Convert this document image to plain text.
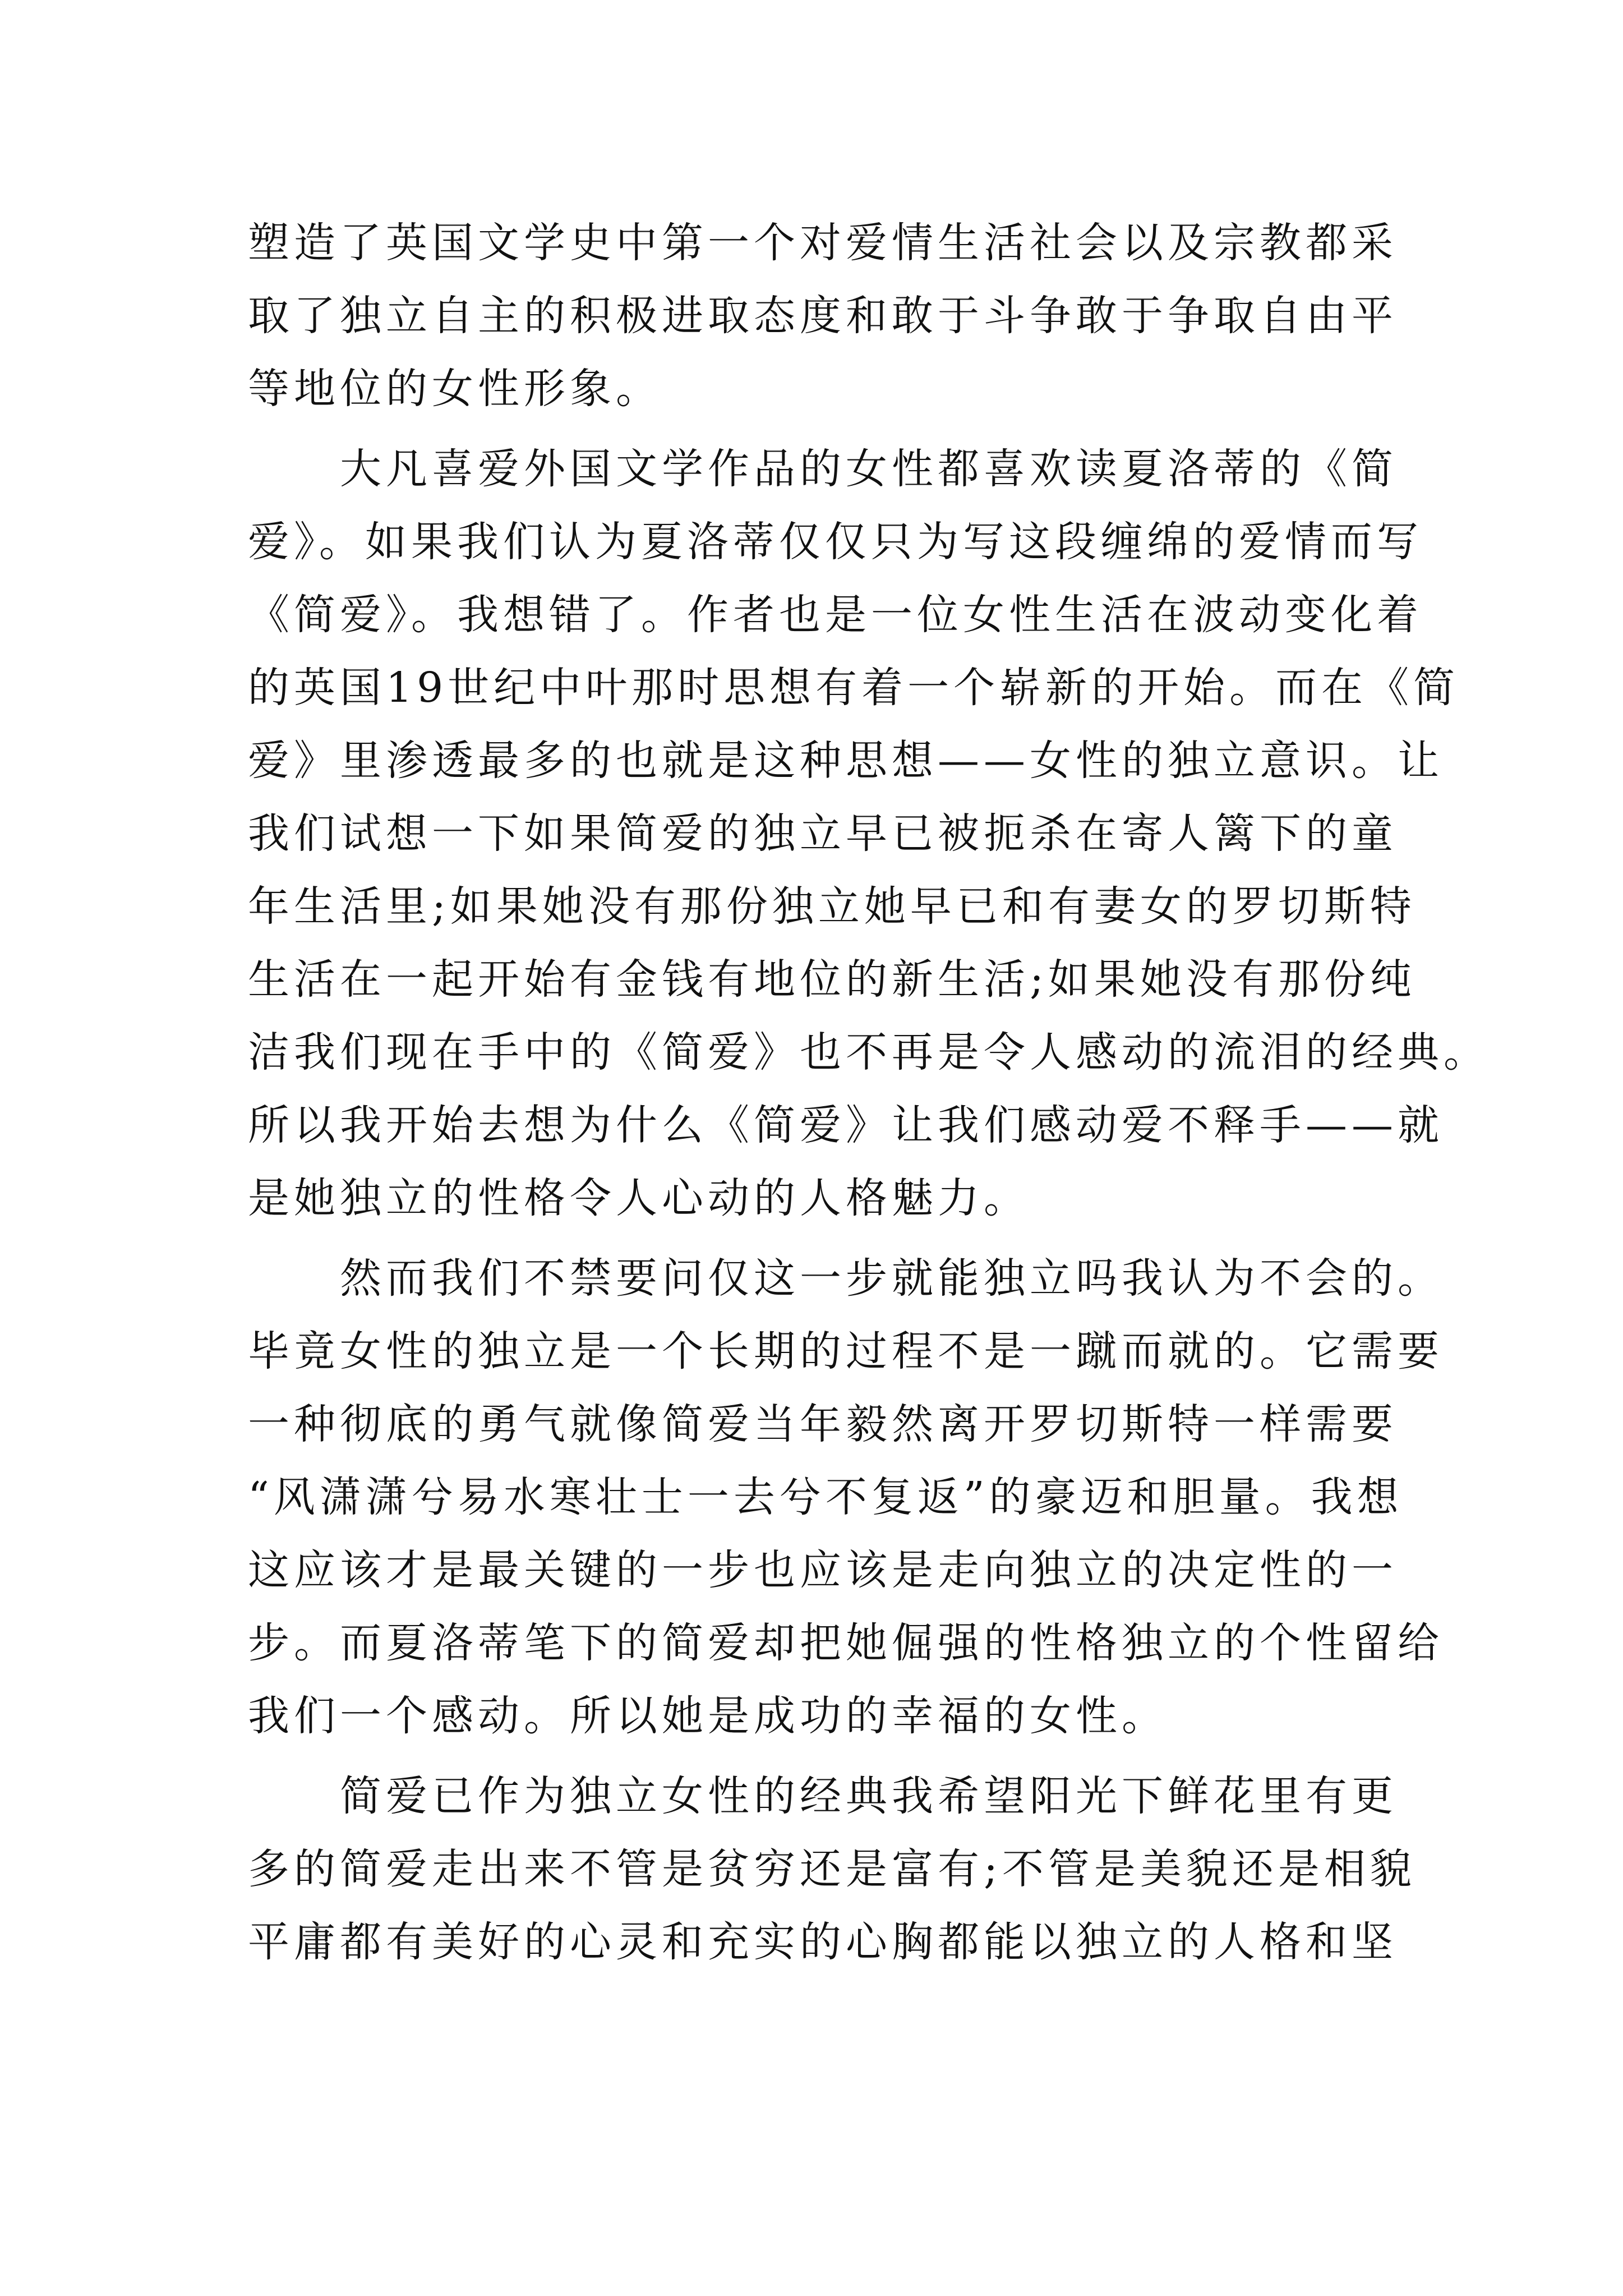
塑造了英国文学史中第一个对爱情生活社会以及宗教都采
取了独立自主的积极进取态度和敢于斗争敢于争取自由平
等地位的女性形象。
大凡喜爱外国文学作品的女性都喜欢读夏洛蒂的《简
爱》。如果我们认为夏洛蒂仅仅只为写这段缠绵的爱情而写
《简爱》。我想错了。作者也是一位女性生活在波动变化着
的英国19世纪中叶那时思想有着一个崭新的开始。而在《简
爱》里渗透最多的也就是这种思想——女性的独立意识。让
我们试想一下如果简爱的独立早已被扼杀在寄人篱下的童
年生活里;如果她没有那份独立她早已和有妻女的罗切斯特
生活在一起开始有金钱有地位的新生活;如果她没有那份纯
洁我们现在手中的《简爱》也不再是令人感动的流泪的经典。
所以我开始去想为什么《简爱》让我们感动爱不释手——就
是她独立的性格令人心动的人格魅力。
然而我们不禁要问仅这一步就能独立吗我认为不会的。
毕竟女性的独立是一个长期的过程不是一蹴而就的。它需要
一种彻底的勇气就像简爱当年毅然离开罗切斯特一样需要
“风潇潇兮易水寒壮士一去兮不复返”的豪迈和胆量。我想
这应该才是最关键的一步也应该是走向独立的决定性的一
步。而夏洛蒂笔下的简爱却把她倔强的性格独立的个性留给
我们一个感动。所以她是成功的幸福的女性。
简爱已作为独立女性的经典我希望阳光下鲜花里有更
多的简爱走出来不管是贫穷还是富有;不管是美貌还是相貌
平庸都有美好的心灵和充实的心胸都能以独立的人格和坚
